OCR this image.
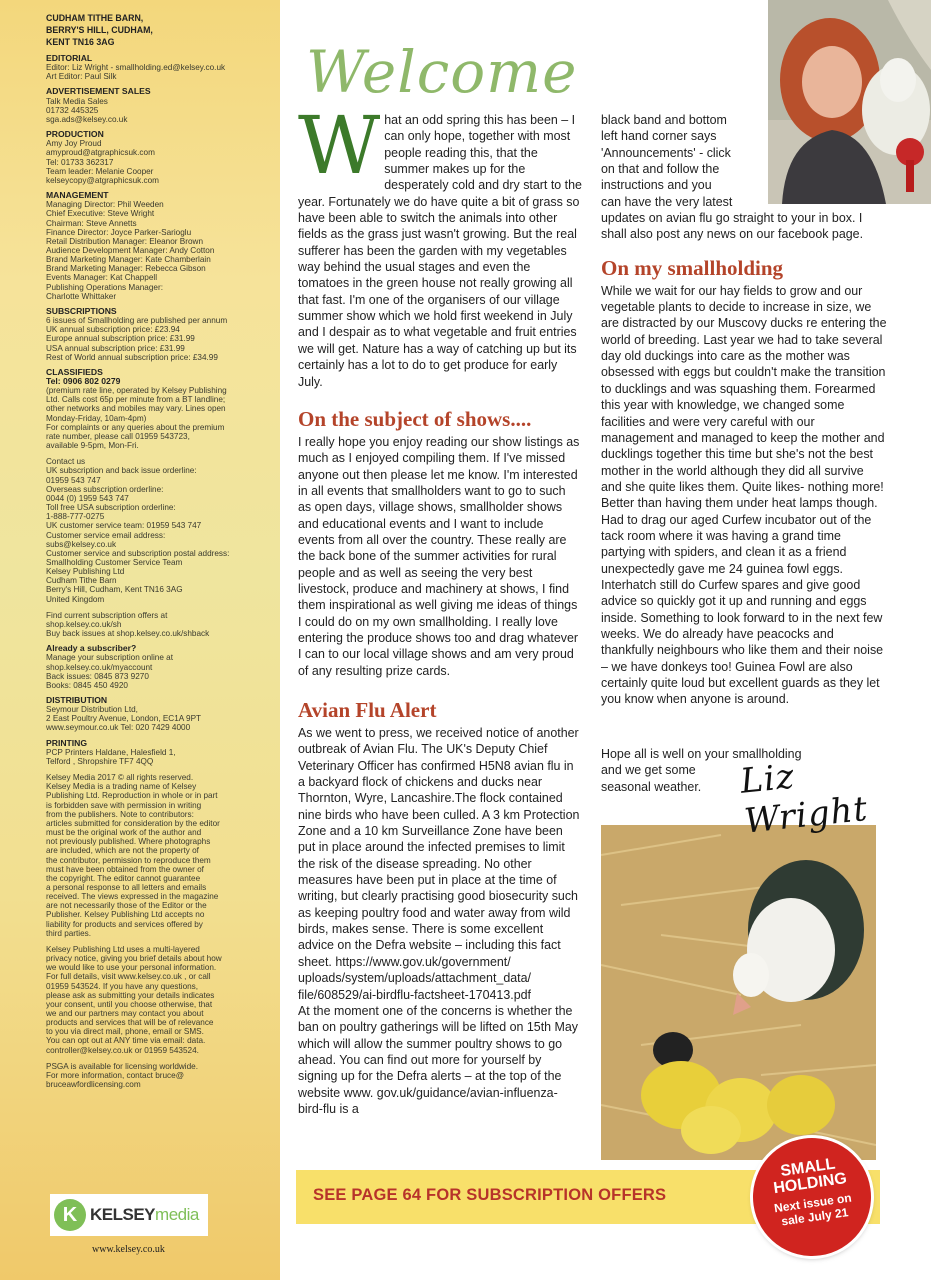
CUDHAM TITHE BARN,
BERRY'S HILL, CUDHAM,
KENT TN16 3AG
EDITORIAL
Editor: Liz Wright - smallholding.ed@kelsey.co.uk
Art Editor: Paul Silk
ADVERTISEMENT SALES
Talk Media Sales
01732 445325
sga.ads@kelsey.co.uk
PRODUCTION
Amy Joy Proud
amyproud@atgraphicsuk.com
Tel: 01733 362317
Team leader: Melanie Cooper
kelseycopy@atgraphicsuk.com
MANAGEMENT
Managing Director: Phil Weeden
Chief Executive: Steve Wright
Chairman: Steve Annetts
Finance Director: Joyce Parker-Sarioglu
Retail Distribution Manager: Eleanor Brown
Audience Development Manager: Andy Cotton
Brand Marketing Manager: Kate Chamberlain
Brand Marketing Manager: Rebecca Gibson
Events Manager: Kat Chappell
Publishing Operations Manager:
Charlotte Whittaker
SUBSCRIPTIONS
6 issues of Smallholding are published per annum
UK annual subscription price: £23.94
Europe annual subscription price: £31.99
USA annual subscription price: £31.99
Rest of World annual subscription price: £34.99
CLASSIFIEDS
Tel: 0906 802 0279
(premium rate line, operated by Kelsey Publishing
Ltd. Calls cost 65p per minute from a BT landline;
other networks and mobiles may vary. Lines open
Monday-Friday, 10am-4pm)
For complaints or any queries about the premium
rate number, please call 01959 543723,
available 9-5pm, Mon-Fri.
Contact us
UK subscription and back issue orderline:
01959 543 747
Overseas subscription orderline:
0044 (0) 1959 543 747
Toll free USA subscription orderline:
1-888-777-0275
UK customer service team: 01959 543 747
Customer service email address:
subs@kelsey.co.uk
Customer service and subscription postal address:
Smallholding Customer Service Team
Kelsey Publishing Ltd
Cudham Tithe Barn
Berry's Hill, Cudham, Kent TN16 3AG
United Kingdom
Find current subscription offers at
shop.kelsey.co.uk/sh
Buy back issues at shop.kelsey.co.uk/shback
Already a subscriber?
Manage your subscription online at
shop.kelsey.co.uk/myaccount
Back issues: 0845 873 9270
Books: 0845 450 4920
DISTRIBUTION
Seymour Distribution Ltd,
2 East Poultry Avenue, London, EC1A 9PT
www.seymour.co.uk Tel: 020 7429 4000
PRINTING
PCP Printers Haldane, Halesfield 1,
Telford , Shropshire TF7 4QQ
Kelsey Media 2017 © all rights reserved.
Kelsey Media is a trading name of Kelsey
Publishing Ltd. Reproduction in whole or in part
is forbidden save with permission in writing
from the publishers. Note to contributors:
articles submitted for consideration by the editor
must be the original work of the author and
not previously published. Where photographs
are included, which are not the property of
the contributor, permission to reproduce them
must have been obtained from the owner of
the copyright. The editor cannot guarantee
a personal response to all letters and emails
received. The views expressed in the magazine
are not necessarily those of the Editor or the
Publisher. Kelsey Publishing Ltd accepts no
liability for products and services offered by
third parties.
Kelsey Publishing Ltd uses a multi-layered
privacy notice, giving you brief details about how
we would like to use your personal information.
For full details, visit www.kelsey.co.uk , or call
01959 543524. If you have any questions,
please ask as submitting your details indicates
your consent, until you choose otherwise, that
we and our partners may contact you about
products and services that will be of relevance
to you via direct mail, phone, email or SMS.
You can opt out at ANY time via email: data.
controller@kelsey.co.uk or 01959 543524.
PSGA is available for licensing worldwide.
For more information, contact bruce@
bruceawfordlicensing.com
K KELSEYmedia
www.kelsey.co.uk
Welcome

What an odd spring this has been – I can only hope, together with most people reading this, that the summer makes up for the desperately cold and dry start to the year. Fortunately we do have quite a bit of grass so have been able to switch the animals into other fields as the grass just wasn't growing. But the real sufferer has been the garden with my vegetables way behind the usual stages and even the tomatoes in the green house not really growing all that fast. I'm one of the organisers of our village summer show which we hold first weekend in July and I despair as to what vegetable and fruit entries we will get. Nature has a way of catching up but its certainly has a lot to do to get produce for early July.

On the subject of shows....

I really hope you enjoy reading our show listings as much as I enjoyed compiling them. If I've missed anyone out then please let me know. I'm interested in all events that smallholders want to go to such as open days, village shows, smallholder shows and educational events and I want to include events from all over the country. These really are the back bone of the summer activities for rural people and as well as seeing the very best livestock, produce and machinery at shows, I find them inspirational as well giving me ideas of things I could do on my own smallholding. I really love entering the produce shows too and drag whatever I can to our local village shows and am very proud of any resulting prize cards.

Avian Flu Alert

As we went to press, we received notice of another outbreak of Avian Flu. The UK's Deputy Chief Veterinary Officer has confirmed H5N8 avian flu in a backyard flock of chickens and ducks near Thornton, Wyre, Lancashire.The flock contained nine birds who have been culled. A 3 km Protection Zone and a 10 km Surveillance Zone have been put in place around the infected premises to limit the risk of the disease spreading. No other measures have been put in place at the time of writing, but clearly practising good biosecurity such as keeping poultry food and water away from wild birds, makes sense. There is some excellent advice on the Defra website – including this fact sheet. https://www.gov.uk/government/ uploads/system/uploads/attachment_data/ file/608529/ai-birdflu-factsheet-170413.pdf

At the moment one of the concerns is whether the ban on poultry gatherings will be lifted on 15th May which will allow the summer poultry shows to go ahead. You can find out more for yourself by signing up for the Defra alerts – at the top of the website www. gov.uk/guidance/avian-influenza-bird-flu is a

black band and bottom
left hand corner says
'Announcements' - click
on that and follow the
instructions and you
can have the very latest
updates on avian flu go straight to your in box. I
shall also post any news on our facebook page.

On my smallholding

While we wait for our hay fields to grow and our vegetable plants to decide to increase in size, we are distracted by our Muscovy ducks re entering the world of breeding. Last year we had to take several day old duckings into care as the mother was obsessed with eggs but couldn't make the transition to ducklings and was squashing them. Forearmed this year with knowledge, we changed some facilities and were very careful with our management and managed to keep the mother and ducklings together this time but she's not the best mother in the world although they did all survive and she quite likes them. Quite likes- nothing more! Better than having them under heat lamps though. Had to drag our aged Curfew incubator out of the tack room where it was having a grand time partying with spiders, and clean it as a friend unexpectedly gave me 24 guinea fowl eggs. Interhatch still do Curfew spares and give good advice so quickly got it up and running and eggs inside. Something to look forward to in the next few weeks. We do already have peacocks and thankfully neighbours who like them and their noise – we have donkeys too! Guinea Fowl are also certainly quite loud but excellent guards as they let you know when anyone is around.

Hope all is well on your smallholding
and we get some
seasonal weather.	Liz Wright
SEE PAGE 64 FOR SUBSCRIPTION OFFERS
SMALL HOLDING
Next issue on
sale July 21
